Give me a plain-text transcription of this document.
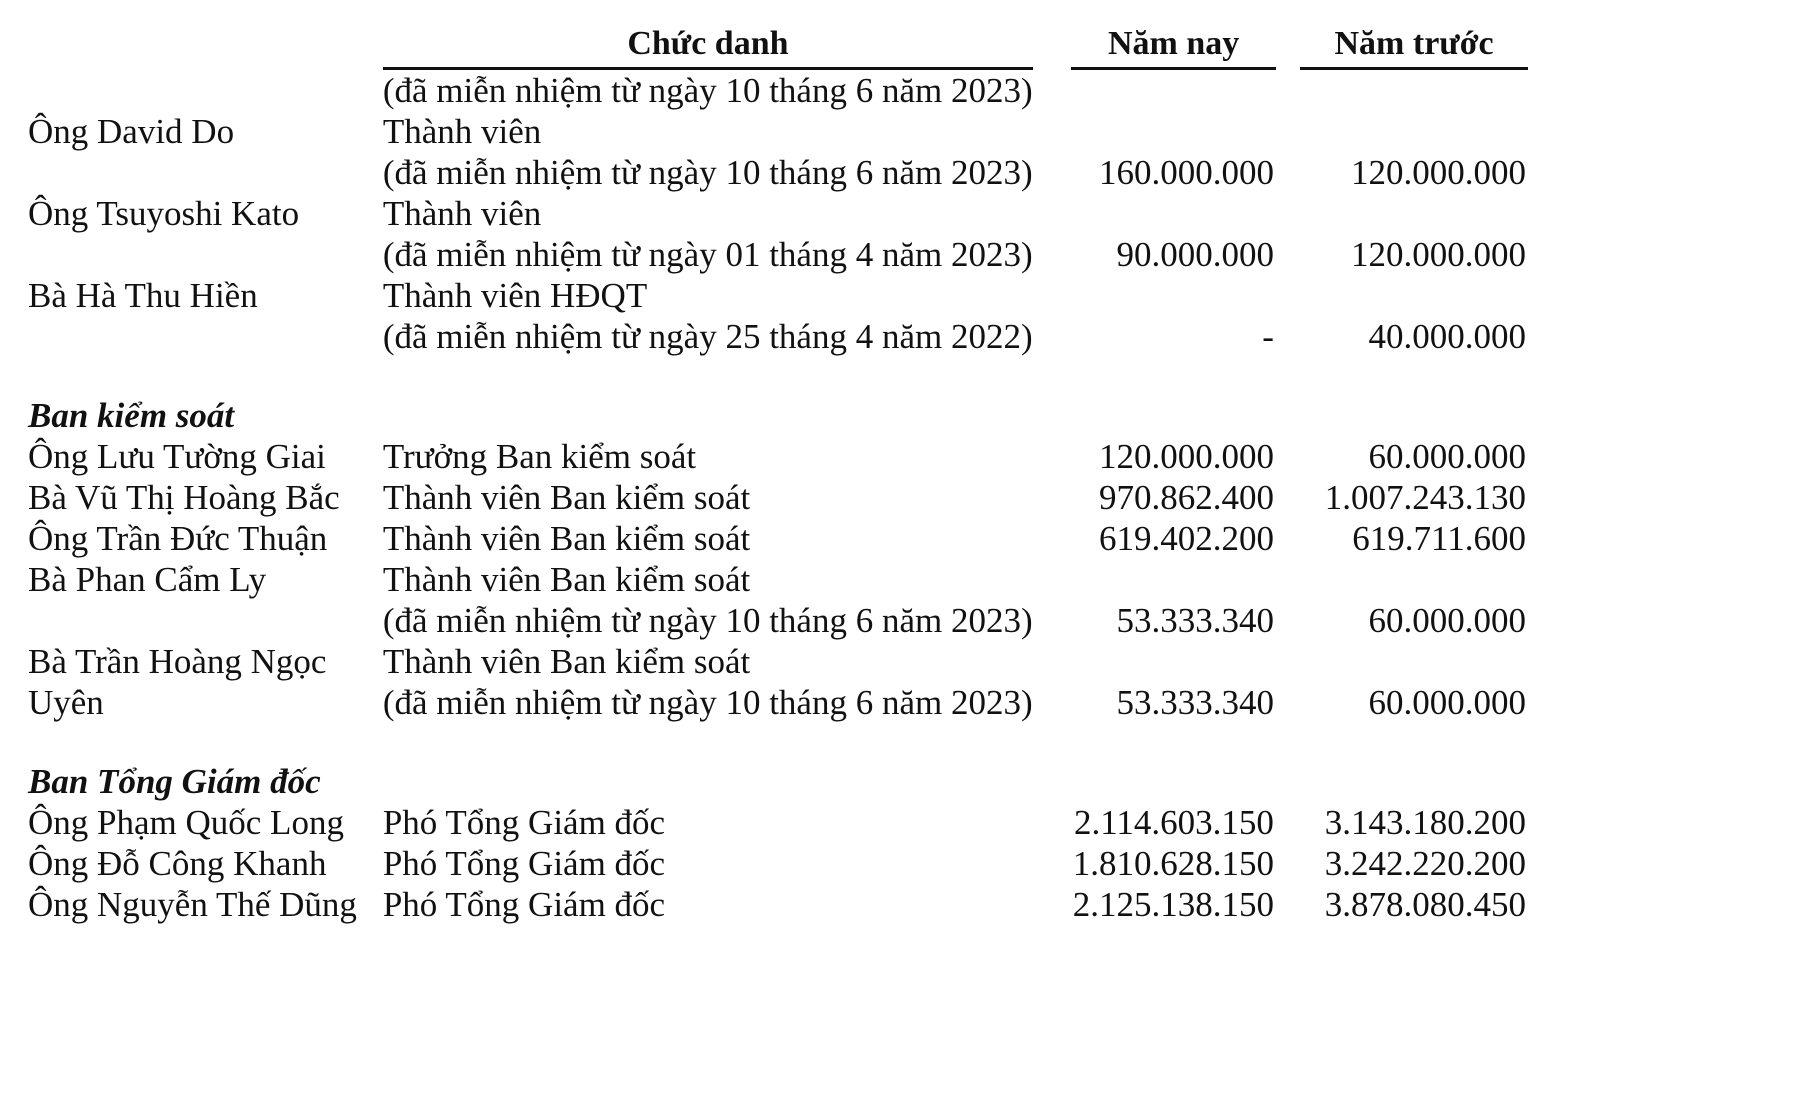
	Chức danh		Năm nay		Năm trước
	(đã miễn nhiệm từ ngày 10 tháng 6 năm 2023)				
Ông David Do	Thành viên				
	(đã miễn nhiệm từ ngày 10 tháng 6 năm 2023)		160.000.000		120.000.000
Ông Tsuyoshi Kato	Thành viên				
	(đã miễn nhiệm từ ngày 01 tháng 4 năm 2023)		90.000.000		120.000.000
Bà Hà Thu Hiền	Thành viên HĐQT				
	(đã miễn nhiệm từ ngày 25 tháng 4 năm 2022)		-		40.000.000

Ban kiểm soát					
Ông Lưu Tường Giai	Trưởng Ban kiểm soát		120.000.000		60.000.000
Bà Vũ Thị Hoàng Bắc	Thành viên Ban kiểm soát		970.862.400		1.007.243.130
Ông Trần Đức Thuận	Thành viên Ban kiểm soát		619.402.200		619.711.600
Bà Phan Cẩm Ly	Thành viên Ban kiểm soát				
	(đã miễn nhiệm từ ngày 10 tháng 6 năm 2023)		53.333.340		60.000.000
Bà Trần Hoàng Ngọc	Thành viên Ban kiểm soát				
Uyên	(đã miễn nhiệm từ ngày 10 tháng 6 năm 2023)		53.333.340		60.000.000

Ban Tổng Giám đốc					
Ông Phạm Quốc Long	Phó Tổng Giám đốc		2.114.603.150		3.143.180.200
Ông Đỗ Công Khanh	Phó Tổng Giám đốc		1.810.628.150		3.242.220.200
Ông Nguyễn Thế Dũng	Phó Tổng Giám đốc		2.125.138.150		3.878.080.450
